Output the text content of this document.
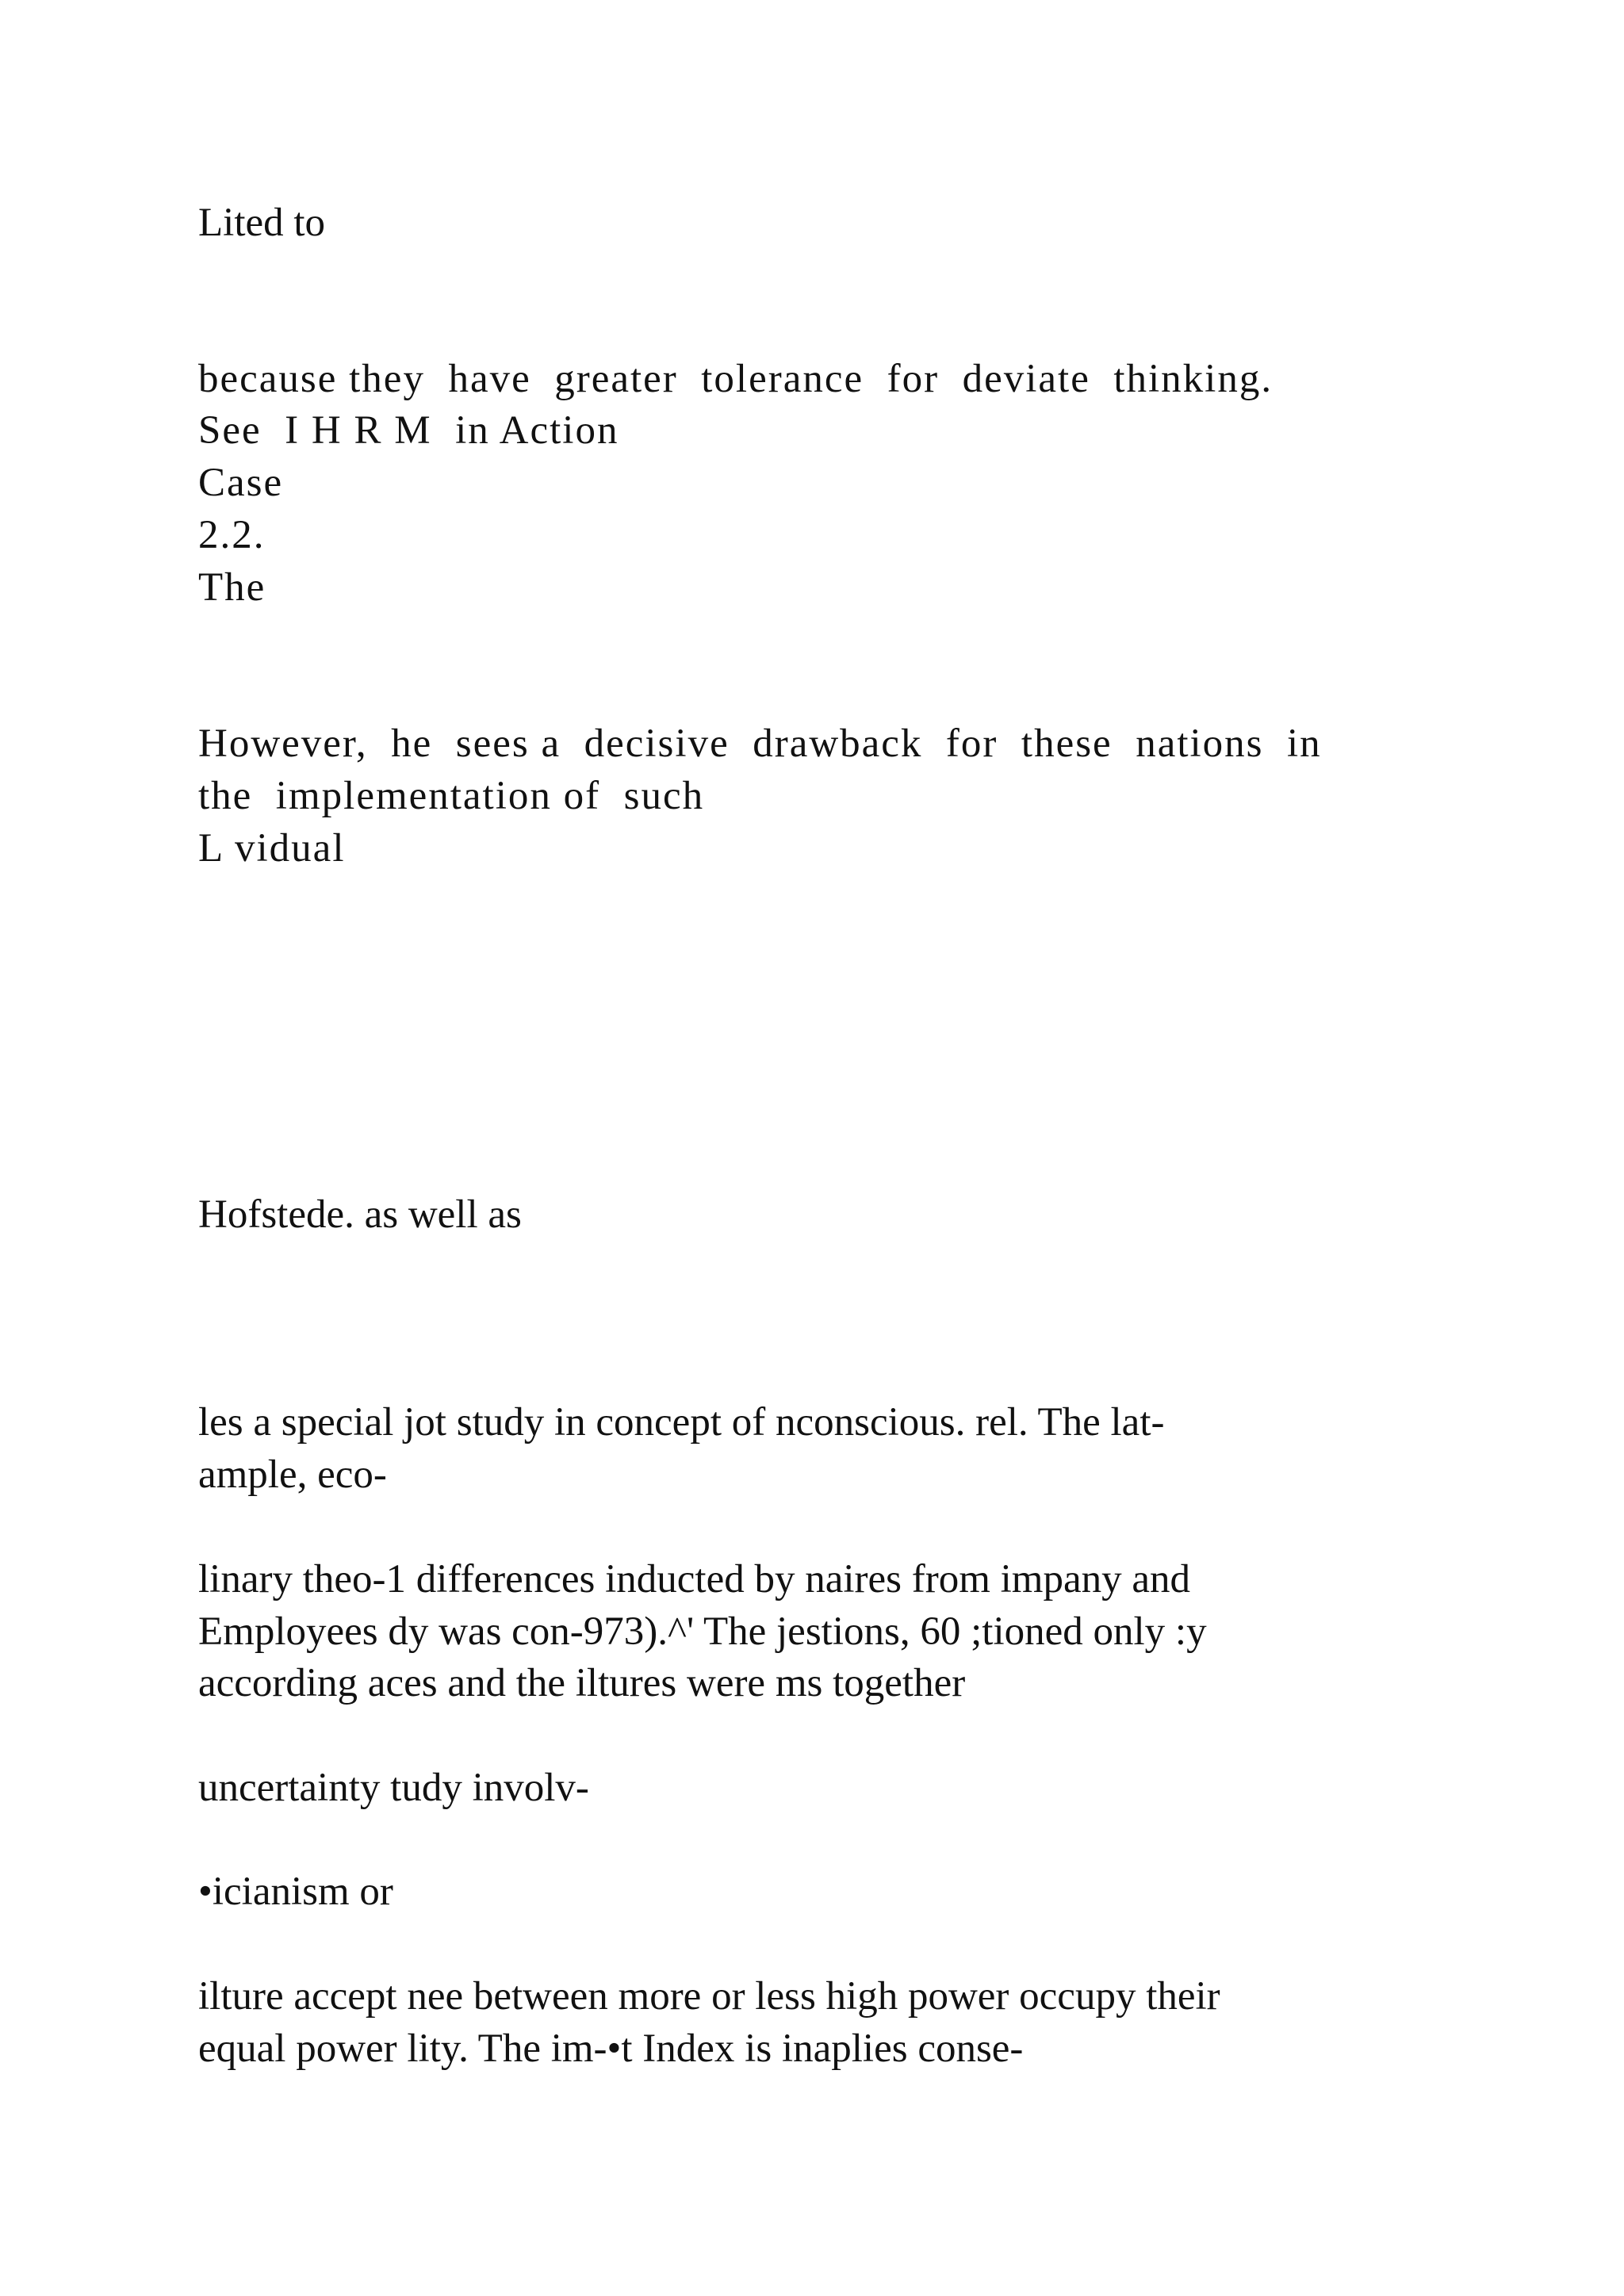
Lited to

because they  have  greater  tolerance  for  deviate  thinking.

See  I H R M  in Action

Case

2.2.

The

However,  he  sees a  decisive  drawback  for  these  nations  in

the  implementation of  such

L vidual

Hofstede. as well as

les a special jot study in concept of nconscious. rel. The lat-

ample, eco-

linary theo-1 differences inducted by naires from impany and

Employees dy was con-973).^' The jestions, 60 ;tioned only :y

according aces and the iltures were ms together

uncertainty tudy involv-

•icianism or

ilture accept nee between more or less high power occupy their

equal power lity. The im-•t Index is inaplies conse-
